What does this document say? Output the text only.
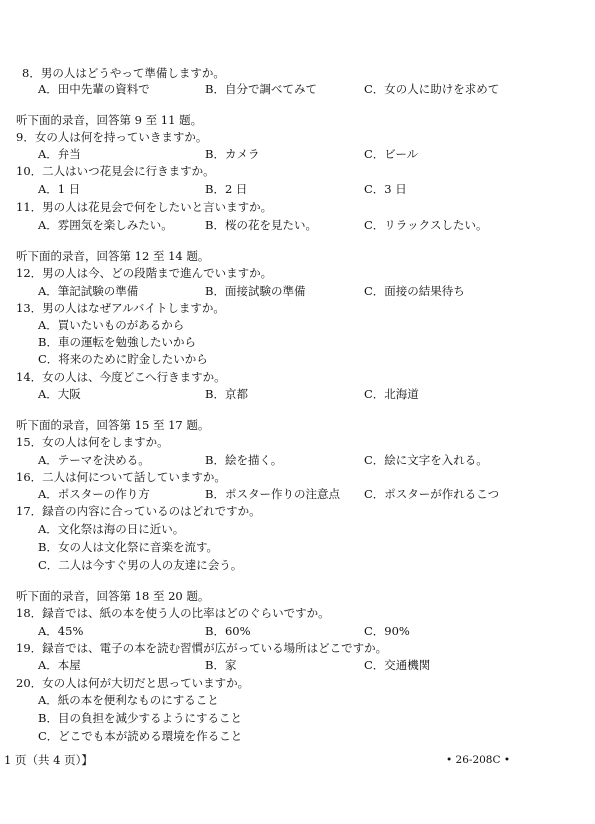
8．男の人はどうやって準備しますか。
A．田中先輩の資料で	B．自分で調べてみて	C．女の人に助けを求めて
听下面的录音，回答第 9 至 11 题。
9．女の人は何を持っていきますか。
A．弁当	B．カメラ	C．ビール
10．二人はいつ花見会に行きますか。
A．1 日	B．2 日	C．3 日
11．男の人は花見会で何をしたいと言いますか。
A．雰囲気を楽しみたい。	B．桜の花を見たい。	C．リラックスしたい。
听下面的录音，回答第 12 至 14 题。
12．男の人は今、どの段階まで進んでいますか。
A．筆記試験の準備	B．面接試験の準備	C．面接の結果待ち
13．男の人はなぜアルバイトしますか。
A．買いたいものがあるから
B．車の運転を勉強したいから
C．将来のために貯金したいから
14．女の人は、今度どこへ行きますか。
A．大阪	B．京都	C．北海道
听下面的录音，回答第 15 至 17 题。
15．女の人は何をしますか。
A．テーマを決める。	B．絵を描く。	C．絵に文字を入れる。
16．二人は何について話していますか。
A．ポスターの作り方	B．ポスター作りの注意点 C．ポスターが作れるこつ
17．録音の内容に合っているのはどれですか。
A．文化祭は海の日に近い。
B．女の人は文化祭に音楽を流す。
C．二人は今すぐ男の人の友達に会う。
听下面的录音，回答第 18 至 20 题。
18．録音では、紙の本を使う人の比率はどのぐらいですか。
A．45%	B．60%	C．90%
19．録音では、電子の本を読む習慣が広がっている場所はどこですか。
A．本屋	B．家	C．交通機関
20．女の人は何が大切だと思っていますか。
A．紙の本を便利なものにすること
B．目の負担を減少するようにすること
C．どこでも本が読める環境を作ること
1 页（共 4 页）】	• 26-208C •
